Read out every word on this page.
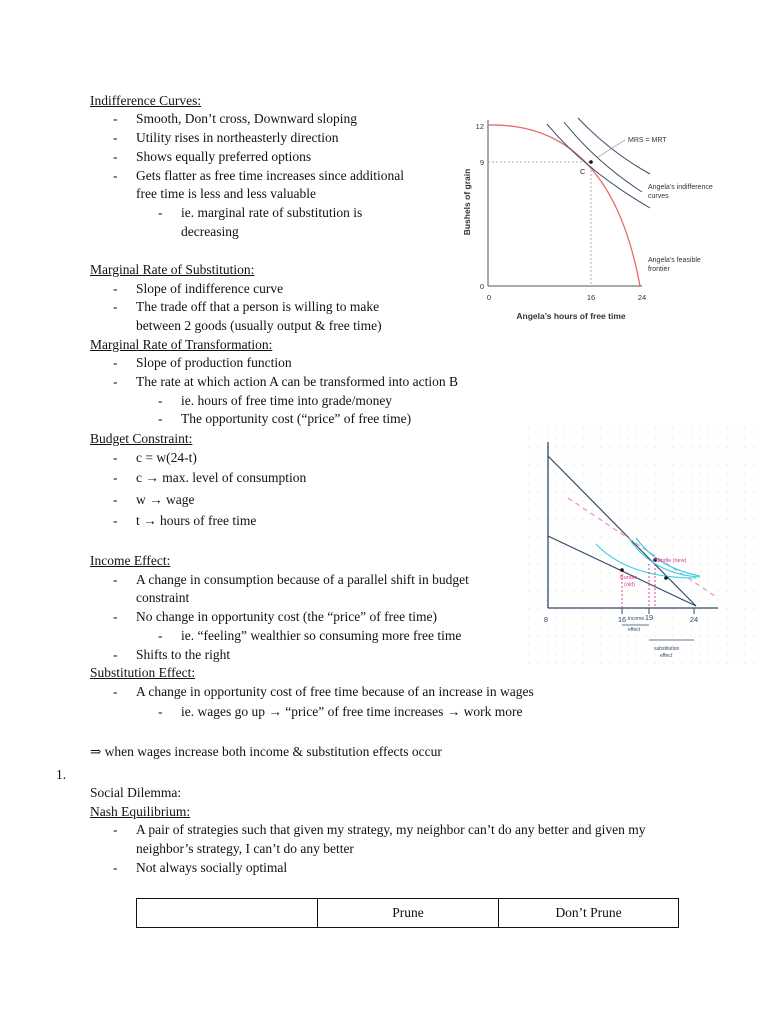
Indifference Curves:
- Smooth, Don’t cross, Downward sloping
- Utility rises in northeasterly direction
- Shows equally preferred options
- Gets flatter as free time increases since additional
free time is less and less valuable
- ie. marginal rate of substitution is
decreasing
Marginal Rate of Substitution:
- Slope of indifference curve
- The trade off that a person is willing to make
between 2 goods (usually output & free time)
Marginal Rate of Transformation:
- Slope of production function
- The rate at which action A can be transformed into action B
- ie. hours of free time into grade/money
- The opportunity cost (“price” of free time)
Budget Constraint:
- c = w(24-t)
- c → max. level of consumption
- w → wage
- t → hours of free time
Income Effect:
- A change in consumption because of a parallel shift in budget
constraint
- No change in opportunity cost (the “price” of free time)
- ie. “feeling” wealthier so consuming more free time
- Shifts to the right
Substitution Effect:
- A change in opportunity cost of free time because of an increase in wages
- ie. wages go up → “price” of free time increases → work more
⇒ when wages increase both income & substitution effects occur
1.
Social Dilemma:
Nash Equilibrium:
- A pair of strategies such that given my strategy, my neighbor can’t do any better and given my
neighbor’s strategy, I can’t do any better
- Not always socially optimal
	Prune	Don’t Prune
Bushels of grain
Angela’s hours of free time
12
9
0
0	16	24
C
MRS = MRT
Angela’s indifference
curves
Angela’s feasible
frontier
8	16 19	24
Bundle (new)
Bundle
(old)
income
effect
substitution
effect
